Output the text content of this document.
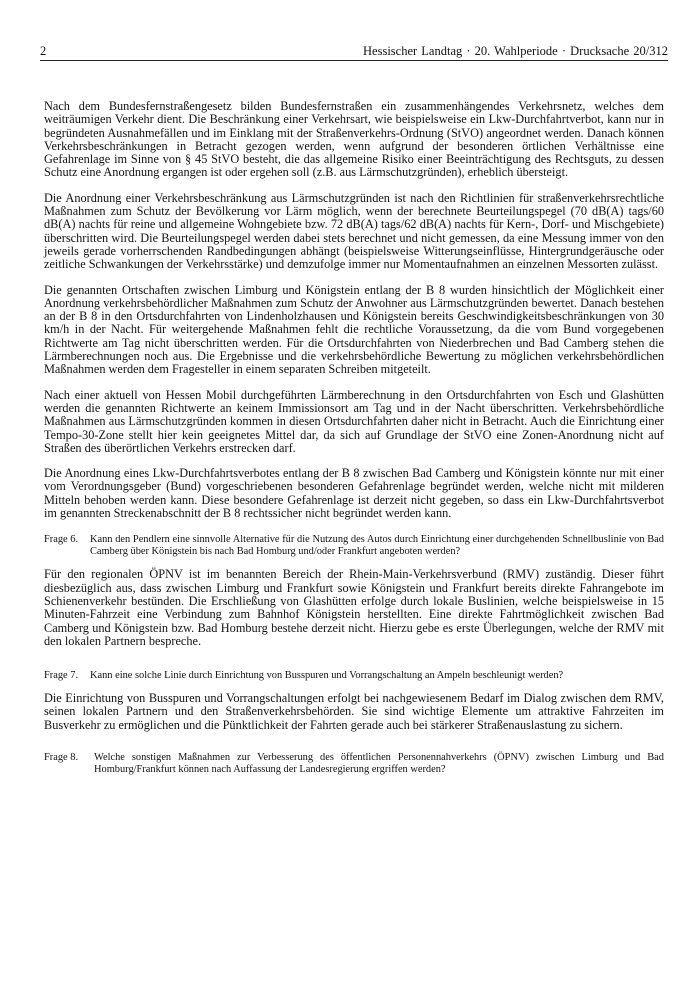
2	Hessischer Landtag · 20. Wahlperiode · Drucksache 20/312

Nach dem Bundesfernstraßengesetz bilden Bundesfernstraßen ein zusammenhängendes Verkehrsnetz, welches dem weiträumigen Verkehr dient. Die Beschränkung einer Verkehrsart, wie beispielsweise ein Lkw-Durchfahrtverbot, kann nur in begründeten Ausnahmefällen und im Einklang mit der Straßenverkehrs-Ordnung (StVO) angeordnet werden. Danach können Verkehrsbeschränkungen in Betracht gezogen werden, wenn aufgrund der besonderen örtlichen Verhältnisse eine Gefahrenlage im Sinne von § 45 StVO besteht, die das allgemeine Risiko einer Beeinträchtigung des Rechtsguts, zu dessen Schutz eine Anordnung ergangen ist oder ergehen soll (z.B. aus Lärmschutzgründen), erheblich übersteigt.

Die Anordnung einer Verkehrsbeschränkung aus Lärmschutzgründen ist nach den Richtlinien für straßenverkehrsrechtliche Maßnahmen zum Schutz der Bevölkerung vor Lärm möglich, wenn der berechnete Beurteilungspegel (70 dB(A) tags/60 dB(A) nachts für reine und allgemeine Wohngebiete bzw. 72 dB(A) tags/62 dB(A) nachts für Kern-, Dorf- und Mischgebiete) überschritten wird. Die Beurteilungspegel werden dabei stets berechnet und nicht gemessen, da eine Messung immer von den jeweils gerade vorherrschenden Randbedingungen abhängt (beispielsweise Witterungseinflüsse, Hintergrundgeräusche oder zeitliche Schwankungen der Verkehrsstärke) und demzufolge immer nur Momentaufnahmen an einzelnen Messorten zulässt.

Die genannten Ortschaften zwischen Limburg und Königstein entlang der B 8 wurden hinsichtlich der Möglichkeit einer Anordnung verkehrsbehördlicher Maßnahmen zum Schutz der Anwohner aus Lärmschutzgründen bewertet. Danach bestehen an der B 8 in den Ortsdurchfahrten von Lindenholzhausen und Königstein bereits Geschwindigkeitsbeschränkungen von 30 km/h in der Nacht. Für weitergehende Maßnahmen fehlt die rechtliche Voraussetzung, da die vom Bund vorgegebenen Richtwerte am Tag nicht überschritten werden. Für die Ortsdurchfahrten von Niederbrechen und Bad Camberg stehen die Lärmberechnungen noch aus. Die Ergebnisse und die verkehrsbehördliche Bewertung zu möglichen verkehrsbehördlichen Maßnahmen werden dem Fragesteller in einem separaten Schreiben mitgeteilt.

Nach einer aktuell von Hessen Mobil durchgeführten Lärmberechnung in den Ortsdurchfahrten von Esch und Glashütten werden die genannten Richtwerte an keinem Immissionsort am Tag und in der Nacht überschritten. Verkehrsbehördliche Maßnahmen aus Lärmschutzgründen kommen in diesen Ortsdurchfahrten daher nicht in Betracht. Auch die Einrichtung einer Tempo-30-Zone stellt hier kein geeignetes Mittel dar, da sich auf Grundlage der StVO eine Zonen-Anordnung nicht auf Straßen des überörtlichen Verkehrs erstrecken darf.

Die Anordnung eines Lkw-Durchfahrtsverbotes entlang der B 8 zwischen Bad Camberg und Königstein könnte nur mit einer vom Verordnungsgeber (Bund) vorgeschriebenen besonderen Gefahrenlage begründet werden, welche nicht mit milderen Mitteln behoben werden kann. Diese besondere Gefahrenlage ist derzeit nicht gegeben, so dass ein Lkw-Durchfahrtsverbot im genannten Streckenabschnitt der B 8 rechtssicher nicht begründet werden kann.

Frage 6.	Kann den Pendlern eine sinnvolle Alternative für die Nutzung des Autos durch Einrichtung einer durchgehenden Schnellbuslinie von Bad Camberg über Königstein bis nach Bad Homburg und/oder Frankfurt angeboten werden?

Für den regionalen ÖPNV ist im benannten Bereich der Rhein-Main-Verkehrsverbund (RMV) zuständig. Dieser führt diesbezüglich aus, dass zwischen Limburg und Frankfurt sowie Königstein und Frankfurt bereits direkte Fahrangebote im Schienenverkehr bestünden. Die Erschließung von Glashütten erfolge durch lokale Buslinien, welche beispielsweise in 15 Minuten-Fahrzeit eine Verbindung zum Bahnhof Königstein herstellten. Eine direkte Fahrtmöglichkeit zwischen Bad Camberg und Königstein bzw. Bad Homburg bestehe derzeit nicht. Hierzu gebe es erste Überlegungen, welche der RMV mit den lokalen Partnern bespreche.

Frage 7.	Kann eine solche Linie durch Einrichtung von Busspuren und Vorrangschaltung an Ampeln beschleunigt werden?

Die Einrichtung von Busspuren und Vorrangschaltungen erfolgt bei nachgewiesenem Bedarf im Dialog zwischen dem RMV, seinen lokalen Partnern und den Straßenverkehrsbehörden. Sie sind wichtige Elemente um attraktive Fahrzeiten im Busverkehr zu ermöglichen und die Pünktlichkeit der Fahrten gerade auch bei stärkerer Straßenauslastung zu sichern.

Frage 8.	Welche sonstigen Maßnahmen zur Verbesserung des öffentlichen Personennahverkehrs (ÖPNV) zwischen Limburg und Bad Homburg/Frankfurt können nach Auffassung der Landesregierung ergriffen werden?
